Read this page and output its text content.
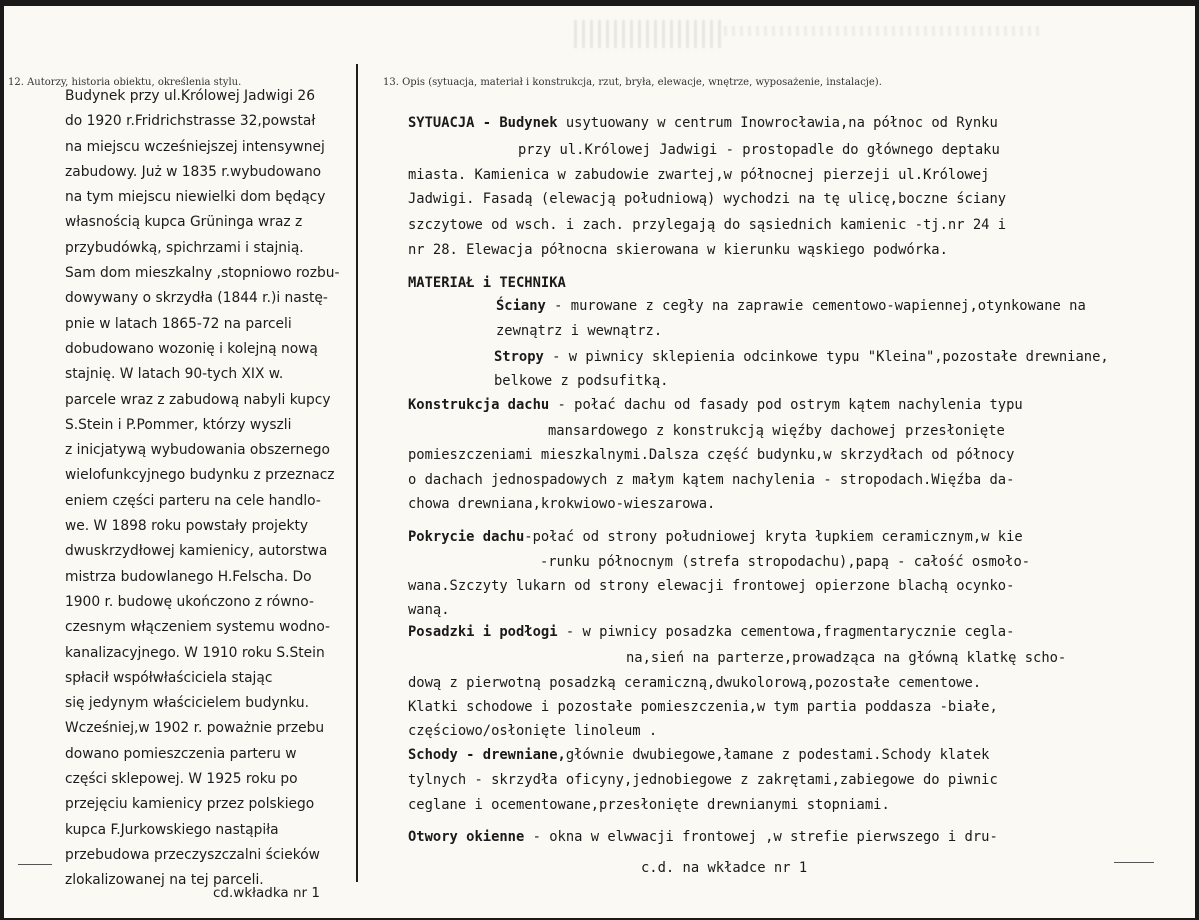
12. Autorzy, historia obiektu, określenia stylu.	13. Opis (sytuacja, materiał i konstrukcja, rzut, bryła, elewacje, wnętrze, wyposażenie, instalacje).
Budynek przy ul.Królowej Jadwigi 26
do 1920 r.Fridrichstrasse 32,powstał
na miejscu wcześniejszej intensywnej
zabudowy. Już w 1835 r.wybudowano
na tym miejscu niewielki dom będący
własnością kupca Grüninga wraz z
przybudówką, spichrzami i stajnią.
Sam dom mieszkalny ,stopniowo rozbu-
dowywany o skrzydła (1844 r.)i nastę-
pnie w latach 1865-72 na parceli
dobudowano wozonię i kolejną nową
stajnię. W latach 90-tych XIX w.
parcele wraz z zabudową nabyli kupcy
S.Stein i P.Pommer, którzy wyszli
z inicjatywą wybudowania obszernego
wielofunkcyjnego budynku z przeznacz
eniem części parteru na cele handlo-
we. W 1898 roku powstały projekty
dwuskrzydłowej kamienicy, autorstwa
mistrza budowlanego H.Felscha. Do
1900 r. budowę ukończono z równo-
czesnym włączeniem systemu wodno-
kanalizacyjnego. W 1910 roku S.Stein
spłacił współwłaściciela stając
się jedynym właścicielem budynku.
Wcześniej,w 1902 r. poważnie przebu
dowano pomieszczenia parteru w
części sklepowej. W 1925 roku po
przejęciu kamienicy przez polskiego
kupca F.Jurkowskiego nastąpiła
przebudowa przeczyszczalni ścieków
zlokalizowanej na tej parceli.
cd.wkładka nr 1
SYTUACJA - Budynek usytuowany w centrum Inowrocławia,na północ od Rynku
przy ul.Królowej Jadwigi - prostopadle do głównego deptaku
miasta. Kamienica w zabudowie zwartej,w północnej pierzeji ul.Królowej
Jadwigi. Fasadą (elewacją południową) wychodzi na tę ulicę,boczne ściany
szczytowe od wsch. i zach. przylegają do sąsiednich kamienic -tj.nr 24 i
nr 28. Elewacja północna skierowana w kierunku wąskiego podwórka.
MATERIAŁ i TECHNIKA
Ściany - murowane z cegły na zaprawie cementowo-wapiennej,otynkowane na
zewnątrz i wewnątrz.
Stropy - w piwnicy sklepienia odcinkowe typu "Kleina",pozostałe drewniane,
belkowe z podsufitką.
Konstrukcja dachu - połać dachu od fasady pod ostrym kątem nachylenia typu
mansardowego z konstrukcją więźby dachowej przesłonięte
pomieszczeniami mieszkalnymi.Dalsza część budynku,w skrzydłach od północy
o dachach jednospadowych z małym kątem nachylenia - stropodach.Więźba da-
chowa drewniana,krokwiowo-wieszarowa.
Pokrycie dachu-połać od strony południowej kryta łupkiem ceramicznym,w kie
-runku północnym (strefa stropodachu),papą - całość osmoło-
wana.Szczyty lukarn od strony elewacji frontowej opierzone blachą ocynko-
waną.
Posadzki i podłogi - w piwnicy posadzka cementowa,fragmentarycznie cegla-
na,sień na parterze,prowadząca na główną klatkę scho-
dową z pierwotną posadzką ceramiczną,dwukolorową,pozostałe cementowe.
Klatki schodowe i pozostałe pomieszczenia,w tym partia poddasza -białe,
częściowo/osłonięte linoleum .
Schody - drewniane,głównie dwubiegowe,łamane z podestami.Schody klatek
tylnych - skrzydła oficyny,jednobiegowe z zakrętami,zabiegowe do piwnic
ceglane i ocementowane,przesłonięte drewnianymi stopniami.
Otwory okienne - okna w elwwacji frontowej ,w strefie pierwszego i dru-
c.d. na wkładce nr 1
